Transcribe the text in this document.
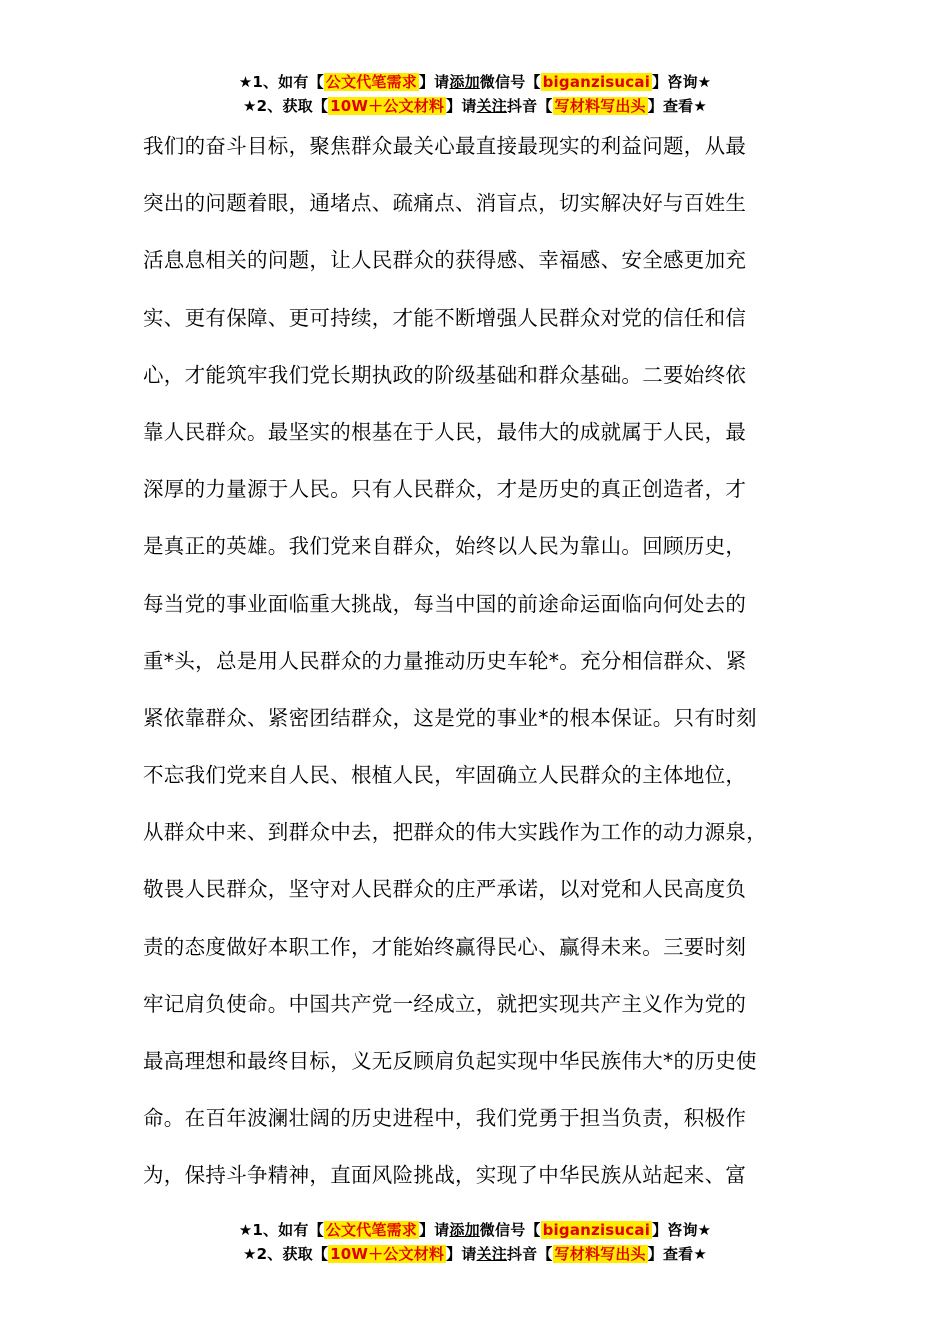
★1、如有【 公文代笔需求 】请添加微信号【 biganzisucai 】咨询★
★2、获取【 10W＋公文材料 】请关注抖音【 写材料写出头 】查看★
我们的奋斗目标，聚焦群众最关心最直接最现实的利益问题，从最
突出的问题着眼，通堵点、疏痛点、消盲点，切实解决好与百姓生
活息息相关的问题，让人民群众的获得感、幸福感、安全感更加充
实、更有保障、更可持续，才能不断增强人民群众对党的信任和信
心，才能筑牢我们党长期执政的阶级基础和群众基础。二要始终依
靠人民群众。最坚实的根基在于人民，最伟大的成就属于人民，最
深厚的力量源于人民。只有人民群众，才是历史的真正创造者，才
是真正的英雄。我们党来自群众，始终以人民为靠山。回顾历史，
每当党的事业面临重大挑战，每当中国的前途命运面临向何处去的
重*头，总是用人民群众的力量推动历史车轮*。充分相信群众、紧
紧依靠群众、紧密团结群众，这是党的事业*的根本保证。只有时刻
不忘我们党来自人民、根植人民，牢固确立人民群众的主体地位，
从群众中来、到群众中去，把群众的伟大实践作为工作的动力源泉，
敬畏人民群众，坚守对人民群众的庄严承诺，以对党和人民高度负
责的态度做好本职工作，才能始终赢得民心、赢得未来。三要时刻
牢记肩负使命。中国共产党一经成立，就把实现共产主义作为党的
最高理想和最终目标，义无反顾肩负起实现中华民族伟大*的历史使
命。在百年波澜壮阔的历史进程中，我们党勇于担当负责，积极作
为，保持斗争精神，直面风险挑战，实现了中华民族从站起来、富
★1、如有【 公文代笔需求 】请添加微信号【 biganzisucai 】咨询★
★2、获取【 10W＋公文材料 】请关注抖音【 写材料写出头 】查看★
